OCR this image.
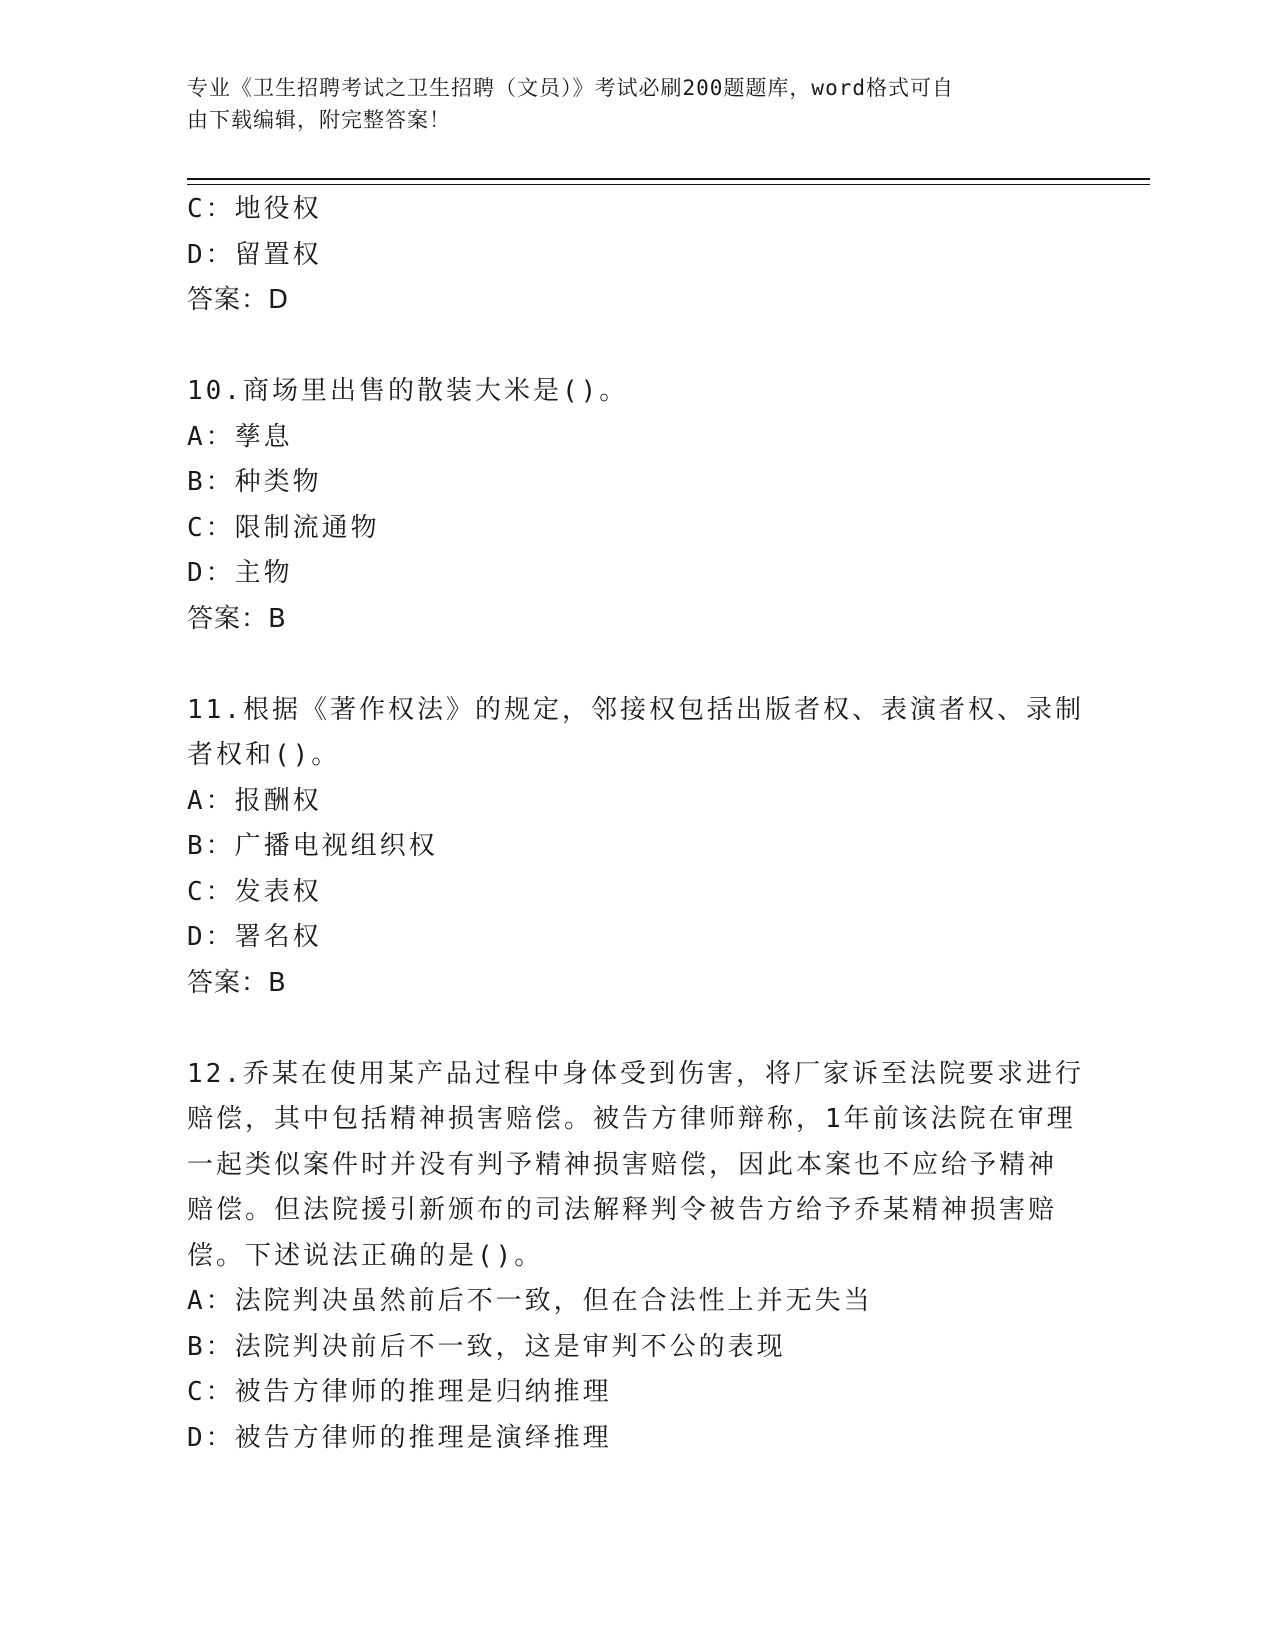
专业《卫生招聘考试之卫生招聘（文员）》考试必刷200题题库，word格式可自
由下载编辑，附完整答案！
C：地役权
D：留置权
答案：D
10.商场里出售的散装大米是()。
A：孳息
B：种类物
C：限制流通物
D：主物
答案：B
11.根据《著作权法》的规定，邻接权包括出版者权、表演者权、录制
者权和()。
A：报酬权
B：广播电视组织权
C：发表权
D：署名权
答案：B
12.乔某在使用某产品过程中身体受到伤害，将厂家诉至法院要求进行
赔偿，其中包括精神损害赔偿。被告方律师辩称，1年前该法院在审理
一起类似案件时并没有判予精神损害赔偿，因此本案也不应给予精神
赔偿。但法院援引新颁布的司法解释判令被告方给予乔某精神损害赔
偿。下述说法正确的是()。
A：法院判决虽然前后不一致，但在合法性上并无失当
B：法院判决前后不一致，这是审判不公的表现
C：被告方律师的推理是归纳推理
D：被告方律师的推理是演绎推理
